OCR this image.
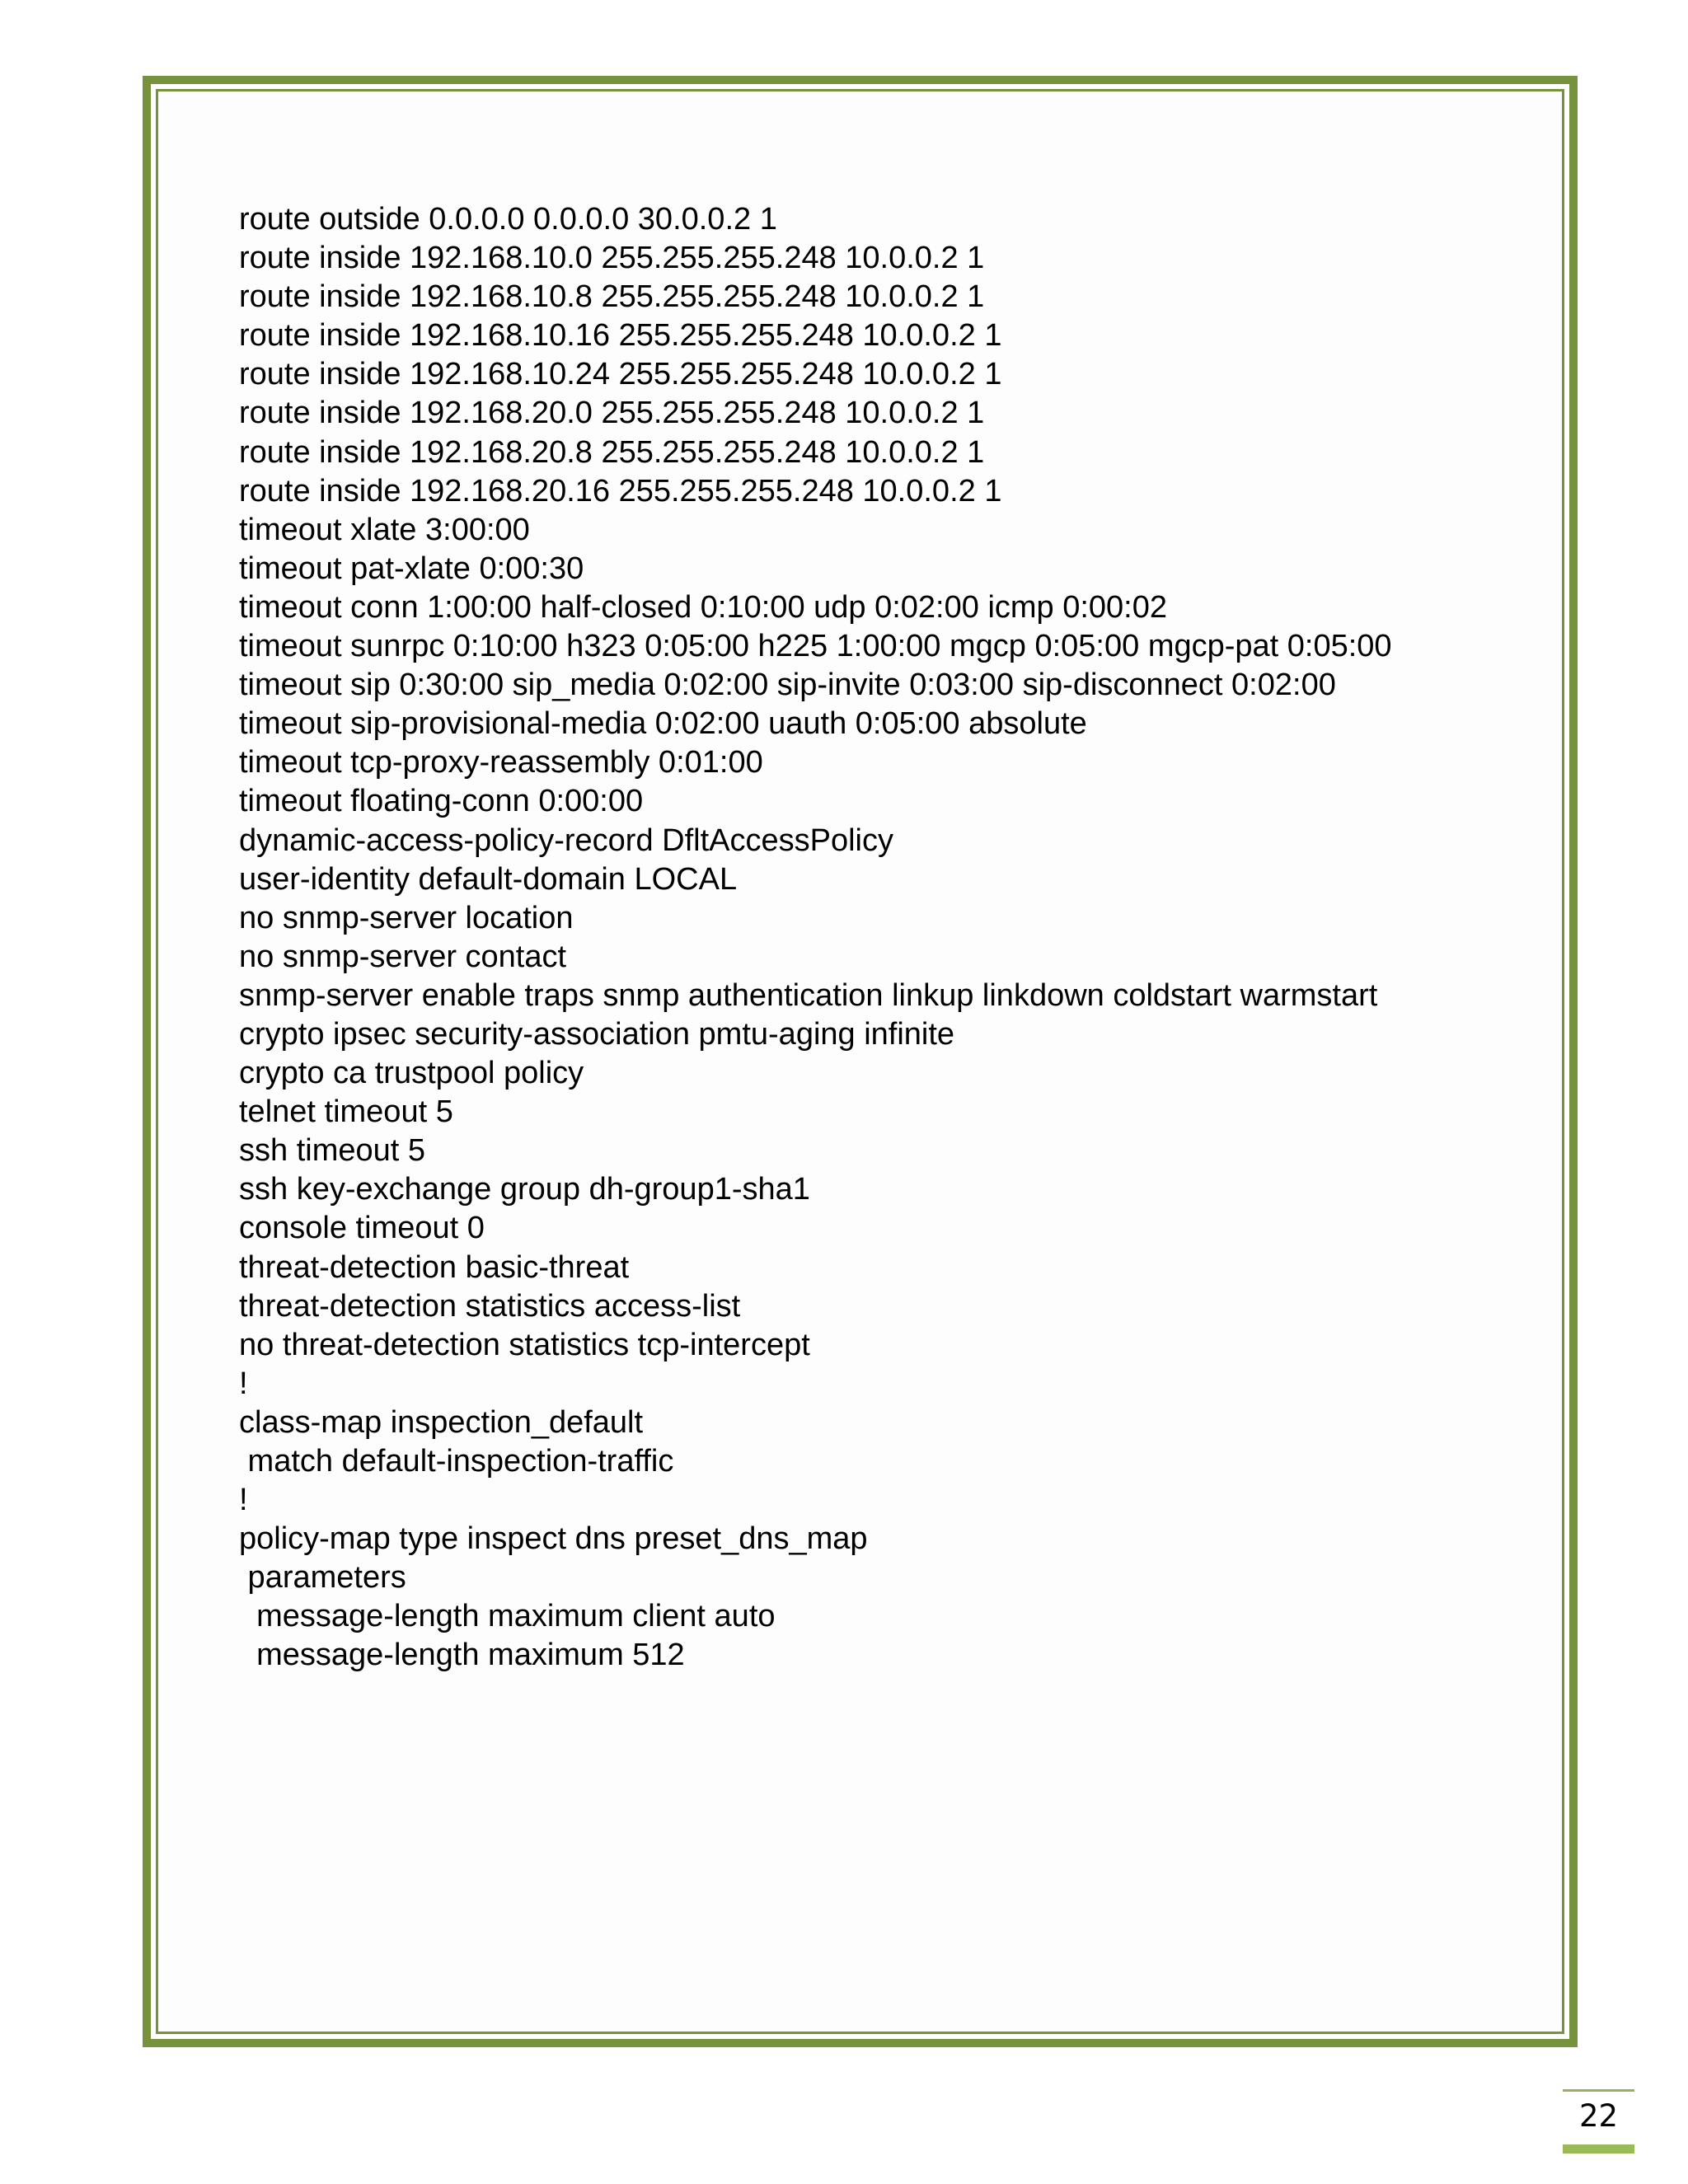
route outside 0.0.0.0 0.0.0.0 30.0.0.2 1
route inside 192.168.10.0 255.255.255.248 10.0.0.2 1
route inside 192.168.10.8 255.255.255.248 10.0.0.2 1
route inside 192.168.10.16 255.255.255.248 10.0.0.2 1
route inside 192.168.10.24 255.255.255.248 10.0.0.2 1
route inside 192.168.20.0 255.255.255.248 10.0.0.2 1
route inside 192.168.20.8 255.255.255.248 10.0.0.2 1
route inside 192.168.20.16 255.255.255.248 10.0.0.2 1
timeout xlate 3:00:00
timeout pat-xlate 0:00:30
timeout conn 1:00:00 half-closed 0:10:00 udp 0:02:00 icmp 0:00:02
timeout sunrpc 0:10:00 h323 0:05:00 h225 1:00:00 mgcp 0:05:00 mgcp-pat 0:05:00
timeout sip 0:30:00 sip_media 0:02:00 sip-invite 0:03:00 sip-disconnect 0:02:00
timeout sip-provisional-media 0:02:00 uauth 0:05:00 absolute
timeout tcp-proxy-reassembly 0:01:00
timeout floating-conn 0:00:00
dynamic-access-policy-record DfltAccessPolicy
user-identity default-domain LOCAL
no snmp-server location
no snmp-server contact
snmp-server enable traps snmp authentication linkup linkdown coldstart warmstart
crypto ipsec security-association pmtu-aging infinite
crypto ca trustpool policy
telnet timeout 5
ssh timeout 5
ssh key-exchange group dh-group1-sha1
console timeout 0
threat-detection basic-threat
threat-detection statistics access-list
no threat-detection statistics tcp-intercept
!
class-map inspection_default
match default-inspection-traffic
!
policy-map type inspect dns preset_dns_map
parameters
message-length maximum client auto
message-length maximum 512
22
